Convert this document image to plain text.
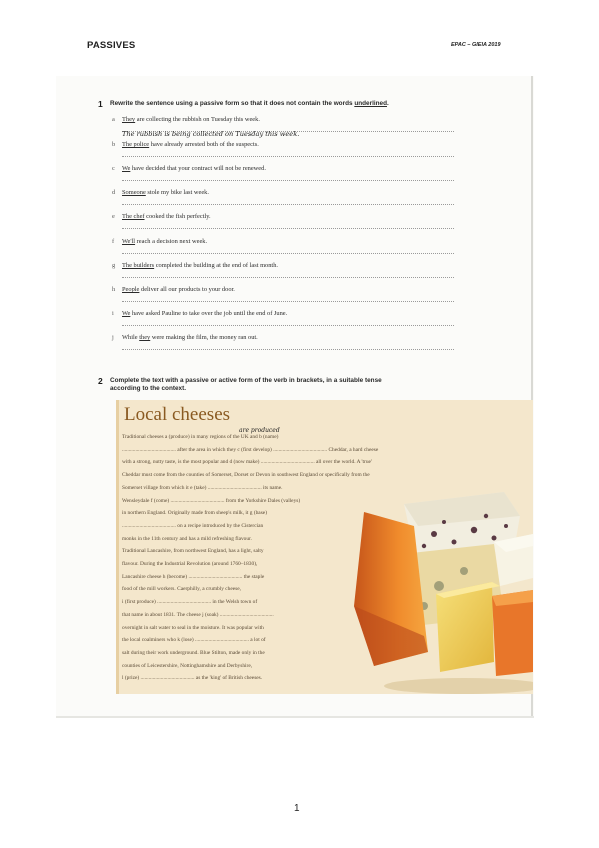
PASSIVES	EPAC – GIEIA 2019
1 Rewrite the sentence using a passive form so that it does not contain the words underlined.
a They are collecting the rubbish on Tuesday this week.
b The police have already arrested both of the suspects.
c We have decided that your contract will not be renewed.
d Someone stole my bike last week.
e The chef cooked the fish perfectly.
f We'll reach a decision next week.
g The builders completed the building at the end of last month.
h People deliver all our products to your door.
i We have asked Pauline to take over the job until the end of June.
j While they were making the film, the money ran out.
The rubbish is being collected on Tuesday this week.
2 Complete the text with a passive or active form of the verb in brackets, in a suitable tense
according to the context.
Local cheeses
Traditional cheeses a (produce) in many regions of the UK and b (name)
........................................ after the area in which they c (first develop) ........................................ Cheddar, a hard cheese
with a strong, nutty taste, is the most popular and d (now make) ........................................ all over the world. A 'true'
Cheddar must come from the counties of Somerset, Dorset or Devon in southwest England or specifically from the
Somerset village from which it e (take) ........................................ its name.
Wensleydale f (come) ........................................ from the Yorkshire Dales (valleys)
in northern England. Originally made from sheep's milk, it g (base)
........................................ on a recipe introduced by the Cistercian
monks in the 11th century and has a mild refreshing flavour.
Traditional Lancashire, from northwest England, has a light, salty
flavour. During the Industrial Revolution (around 1760–1830),
Lancashire cheese h (become) ........................................ the staple
food of the mill workers. Caerphilly, a crumbly cheese,
i (first produce) ........................................ in the Welsh town of
that name in about 1831. The cheese j (soak) ........................................
overnight in salt water to seal in the moisture. It was popular with
the local coalminers who k (lose) ........................................ a lot of
salt during their work underground. Blue Stilton, made only in the
counties of Leicestershire, Nottinghamshire and Derbyshire,
l (prize) ........................................ as the 'king' of British cheeses.
are produced
1
